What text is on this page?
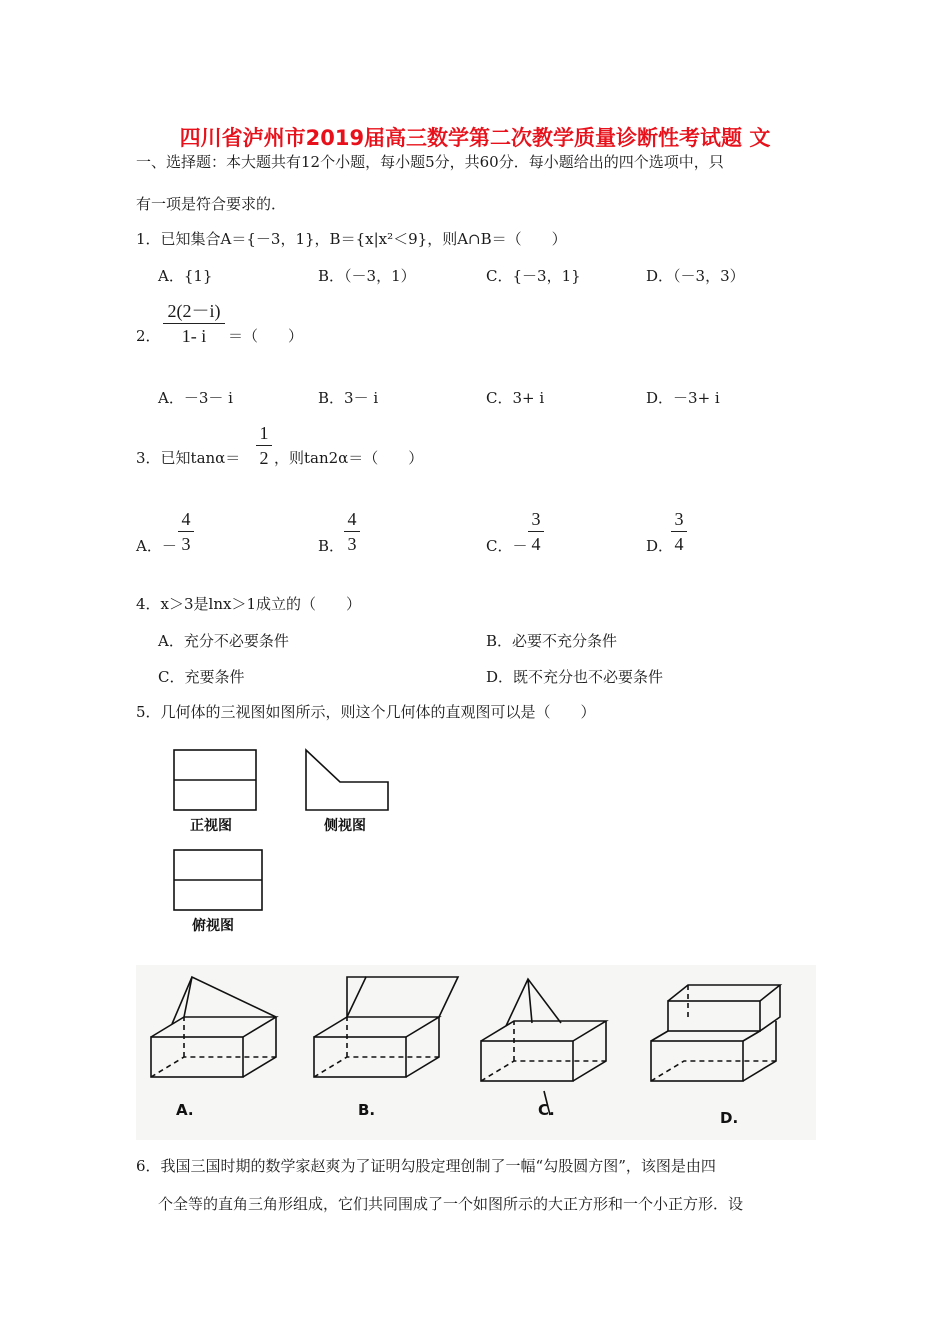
四川省泸州市2019届高三数学第二次教学质量诊断性考试题 文
一、选择题：本大题共有12个小题，每小题5分，共60分．每小题给出的四个选项中，只
有一项是符合要求的．
1．已知集合A＝{－3，1}，B＝{x|x²＜9}，则A∩B＝（　　）
A．{1}	B．（－3，1）	C．{－3，1}	D．（－3，3）
2．
2(2－i)
1- i	＝（　　）
A．－3－ i	B．3－ i	C．3+ i	D．－3+ i
3．已知tanα＝
1
2 ，则tan2α＝（　　）
A．－
4
3	B．
4
3	C．－
3
4	D．
3
4
4．x＞3是lnx＞1成立的（　　）
A．充分不必要条件	B．必要不充分条件
C．充要条件	D．既不充分也不必要条件
5．几何体的三视图如图所示，则这个几何体的直观图可以是（　　）
正视图	侧视图
俯视图
A.	B.	C.	D.
6．我国三国时期的数学家赵爽为了证明勾股定理创制了一幅“勾股圆方图”，该图是由四
个全等的直角三角形组成，它们共同围成了一个如图所示的大正方形和一个小正方形．设
